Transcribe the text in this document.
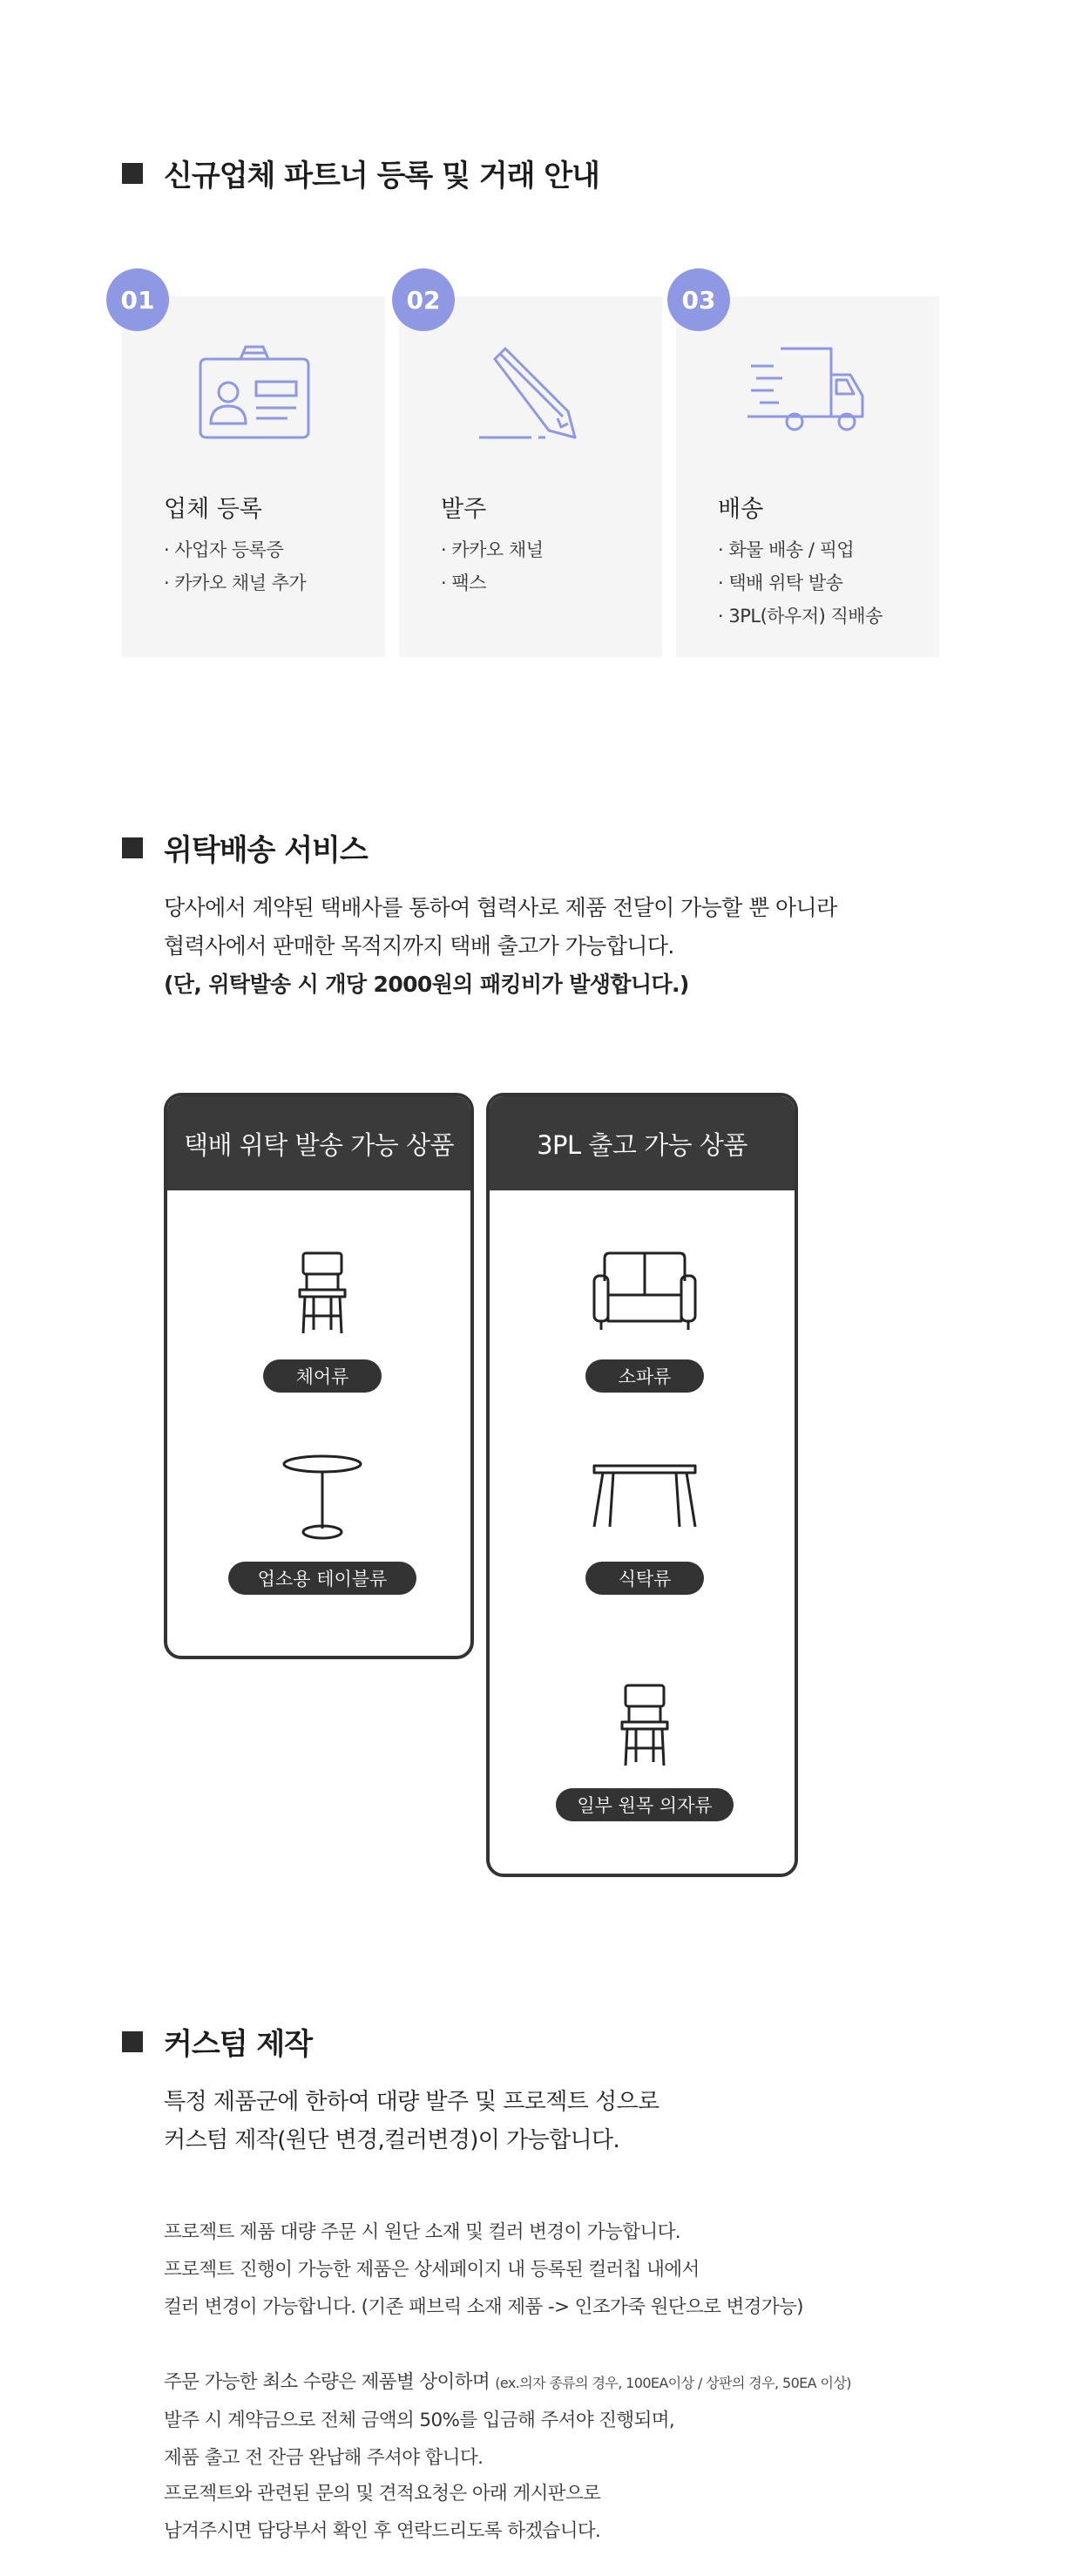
신규업체 파트너 등록 및 거래 안내
업체 등록
· 사업자 등록증
· 카카오 채널 추가
01
발주
· 카카오 채널
· 팩스
02
배송
· 화물 배송 / 픽업
· 택배 위탁 발송
· 3PL(하우저) 직배송
03
위탁배송 서비스
당사에서 계약된 택배사를 통하여 협력사로 제품 전달이 가능할 뿐 아니라
협력사에서 판매한 목적지까지 택배 출고가 가능합니다.
(단, 위탁발송 시 개당 2000원의 패킹비가 발생합니다.)
택배 위탁 발송 가능 상품
체어류
업소용 테이블류
3PL 출고 가능 상품
소파류
식탁류
일부 원목 의자류
커스텀 제작
특정 제품군에 한하여 대량 발주 및 프로젝트 성으로
커스텀 제작(원단 변경,컬러변경)이 가능합니다.
프로젝트 제품 대량 주문 시 원단 소재 및 컬러 변경이 가능합니다.
프로젝트 진행이 가능한 제품은 상세페이지 내 등록된 컬러칩 내에서
컬러 변경이 가능합니다. (기존 패브릭 소재 제품 -> 인조가죽 원단으로 변경가능)
주문 가능한 최소 수량은 제품별 상이하며 (ex.의자 종류의 경우, 100EA이상 / 상판의 경우, 50EA 이상)
발주 시 계약금으로 전체 금액의 50%를 입금해 주셔야 진행되며,
제품 출고 전 잔금 완납해 주셔야 합니다.
프로젝트와 관련된 문의 및 견적요청은 아래 게시판으로
남겨주시면 담당부서 확인 후 연락드리도록 하겠습니다.
